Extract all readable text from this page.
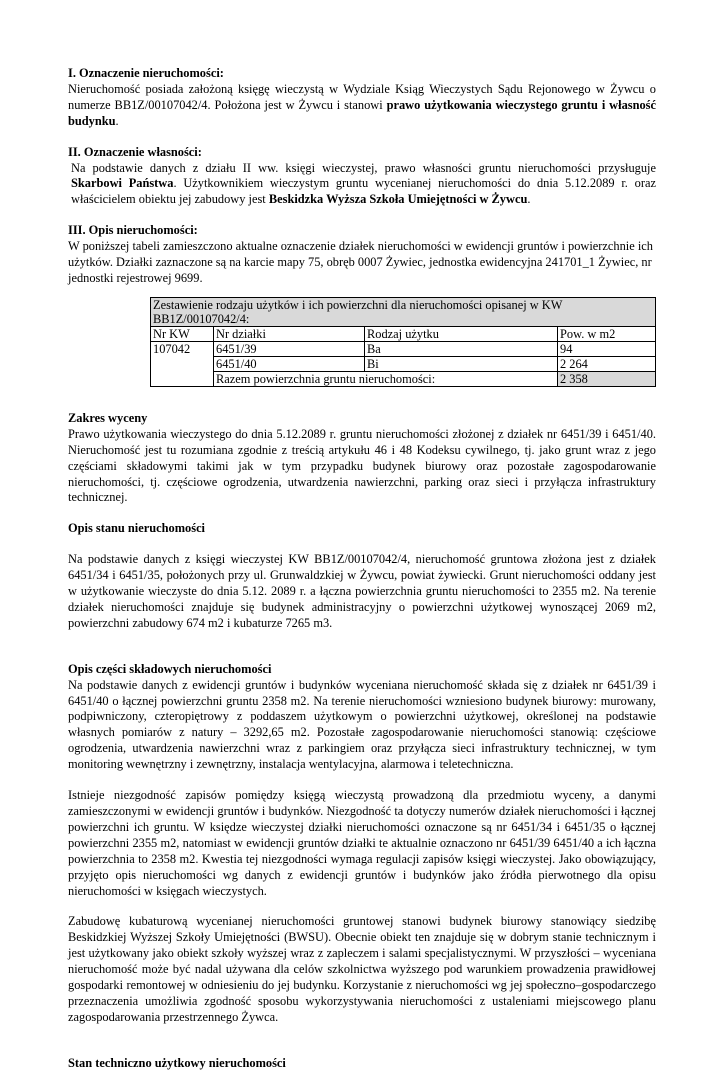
I. Oznaczenie nieruchomości:

Nieruchomość posiada założoną księgę wieczystą w Wydziale Ksiąg Wieczystych Sądu Rejonowego w Żywcu o numerze BB1Z/00107042/4. Położona jest w Żywcu i stanowi prawo użytkowania wieczystego gruntu i własność budynku.

II. Oznaczenie własności:

Na podstawie danych z działu II ww. księgi wieczystej, prawo własności gruntu nieruchomości przysługuje Skarbowi Państwa. Użytkownikiem wieczystym gruntu wycenianej nieruchomości do dnia 5.12.2089 r. oraz właścicielem obiektu jej zabudowy jest Beskidzka Wyższa Szkoła Umiejętności w Żywcu.

III. Opis nieruchomości:

W poniższej tabeli zamieszczono aktualne oznaczenie działek nieruchomości w ewidencji gruntów i powierzchnie ich użytków. Działki zaznaczone są na karcie mapy 75, obręb 0007 Żywiec, jednostka ewidencyjna 241701_1 Żywiec, nr jednostki rejestrowej 9699.

Zestawienie rodzaju użytków i ich powierzchni dla nieruchomości opisanej w KW BB1Z/00107042/4:			
Nr KW	Nr działki	Rodzaj użytku	Pow. w m2
107042	6451/39	Ba	94
	6451/40	Bi	2 264
	Razem powierzchnia gruntu nieruchomości:		2 358
Zakres wyceny

Prawo użytkowania wieczystego do dnia 5.12.2089 r. gruntu nieruchomości złożonej z działek nr 6451/39 i 6451/40. Nieruchomość jest tu rozumiana zgodnie z treścią artykułu 46 i 48 Kodeksu cywilnego, tj. jako grunt wraz z jego częściami składowymi takimi jak w tym przypadku budynek biurowy oraz pozostałe zagospodarowanie nieruchomości, tj. częściowe ogrodzenia, utwardzenia nawierzchni, parking oraz sieci i przyłącza infrastruktury technicznej.

Opis stanu nieruchomości

Na podstawie danych z księgi wieczystej KW BB1Z/00107042/4, nieruchomość gruntowa złożona jest z działek 6451/34 i 6451/35, położonych przy ul. Grunwaldzkiej w Żywcu, powiat żywiecki. Grunt nieruchomości oddany jest w użytkowanie wieczyste do dnia 5.12. 2089 r. a łączna powierzchnia gruntu nieruchomości to 2355 m2. Na terenie działek nieruchomości znajduje się budynek administracyjny o powierzchni użytkowej wynoszącej 2069 m2, powierzchni zabudowy 674 m2 i kubaturze 7265 m3.

Opis części składowych nieruchomości

Na podstawie danych z ewidencji gruntów i budynków wyceniana nieruchomość składa się z działek nr 6451/39 i 6451/40 o łącznej powierzchni gruntu 2358 m2. Na terenie nieruchomości wzniesiono budynek biurowy: murowany, podpiwniczony, czteropiętrowy z poddaszem użytkowym o powierzchni użytkowej, określonej na podstawie własnych pomiarów z natury – 3292,65 m2. Pozostałe zagospodarowanie nieruchomości stanowią: częściowe ogrodzenia, utwardzenia nawierzchni wraz z parkingiem oraz przyłącza sieci infrastruktury technicznej, w tym monitoring wewnętrzny i zewnętrzny, instalacja wentylacyjna, alarmowa i teletechniczna.

Istnieje niezgodność zapisów pomiędzy księgą wieczystą prowadzoną dla przedmiotu wyceny, a danymi zamieszczonymi w ewidencji gruntów i budynków. Niezgodność ta dotyczy numerów działek nieruchomości i łącznej powierzchni ich gruntu. W księdze wieczystej działki nieruchomości oznaczone są nr 6451/34 i 6451/35 o łącznej powierzchni 2355 m2, natomiast w ewidencji gruntów działki te aktualnie oznaczono nr 6451/39 6451/40 a ich łączna powierzchnia to 2358 m2. Kwestia tej niezgodności wymaga regulacji zapisów księgi wieczystej. Jako obowiązujący, przyjęto opis nieruchomości wg danych z ewidencji gruntów i budynków jako źródła pierwotnego dla opisu nieruchomości w księgach wieczystych.

Zabudowę kubaturową wycenianej nieruchomości gruntowej stanowi budynek biurowy stanowiący siedzibę Beskidzkiej Wyższej Szkoły Umiejętności (BWSU). Obecnie obiekt ten znajduje się w dobrym stanie technicznym i jest użytkowany jako obiekt szkoły wyższej wraz z zapleczem i salami specjalistycznymi. W przyszłości – wyceniana nieruchomość może być nadal używana dla celów szkolnictwa wyższego pod warunkiem prowadzenia prawidłowej gospodarki remontowej w odniesieniu do jej budynku. Korzystanie z nieruchomości wg jej społeczno–gospodarczego przeznaczenia umożliwia zgodność sposobu wykorzystywania nieruchomości z ustaleniami miejscowego planu zagospodarowania przestrzennego Żywca.

Stan techniczno użytkowy nieruchomości
